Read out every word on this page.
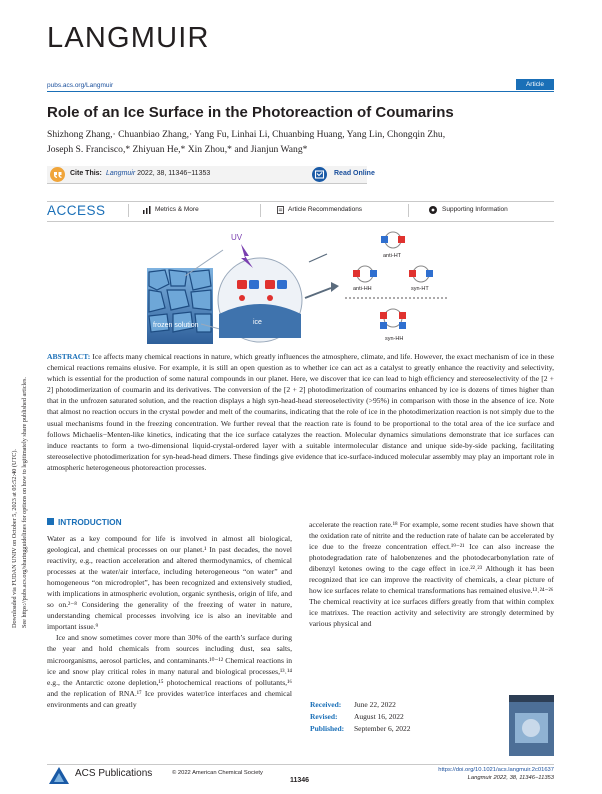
Downloaded via FUDAN UNIV on October 5, 2023 at 05:52:40 (UTC). See https://pubs.acs.org/sharingguidelines for options on how to legitimately share published articles.
LANGMUIR
pubs.acs.org/Langmuir	Article
Role of an Ice Surface in the Photoreaction of Coumarins
Shizhong Zhang,· Chuanbiao Zhang,· Yang Fu, Linhai Li, Chuanbing Huang, Yang Lin, Chongqin Zhu,
Joseph S. Francisco,* Zhiyuan He,* Xin Zhou,* and Jianjun Wang*
Cite This: Langmuir 2022, 38, 11346−11353	Read Online
ACCESS	Metrics & More	Article Recommendations	Supporting Information
frozen solution	ice
UV
anti-HT
anti-HH	syn-HT
syn-HH
ABSTRACT: Ice affects many chemical reactions in nature, which greatly influences the atmosphere, climate, and life. However, the exact mechanism of ice in these chemical reactions remains elusive. For example, it is still an open question as to whether ice can act as a catalyst to greatly enhance the reactivity and selectivity, which is essential for the production of some natural compounds in our planet. Here, we discover that ice can lead to high efficiency and stereoselectivity of the [2 + 2] photodimerization of coumarin and its derivatives. The conversion of the [2 + 2] photodimerization of coumarins enhanced by ice is dozens of times higher than that in the unfrozen saturated solution, and the reaction displays a high syn-head-head stereoselectivity (>95%) in comparison with those in the absence of ice. Note that almost no reaction occurs in the crystal powder and melt of the coumarins, indicating that the role of ice in the photodimerization reaction is not simply due to the usual mechanisms found in the freezing concentration. We further reveal that the reaction rate is found to be proportional to the total area of the ice surface and follows Michaelis−Menten-like kinetics, indicating that the ice surface catalyzes the reaction. Molecular dynamics simulations demonstrate that ice surfaces can induce reactants to form a two-dimensional liquid-crystal-ordered layer with a suitable intermolecular distance and unique side-by-side packing, facilitating stereoselective photodimerization for syn-head-head dimers. These findings give evidence that ice-surface-induced molecular assembly may play an important role in atmospheric heterogeneous photoreaction processes.
INTRODUCTION
Water as a key compound for life is involved in almost all biological, geological, and chemical processes on our planet.¹ In past decades, the novel reactivity, e.g., reaction acceleration and altered thermodynamics, of chemical processes at the water/air interface, including heterogeneous “on water” and homogeneous “on microdroplet”, has been recognized and extensively studied, with implications in atmospheric evolution, organic synthesis, origin of life, and so on.²⁻⁸ Considering the generality of the freezing of water in nature, understanding chemical processes involving ice is also an inevitable and important issue.⁹
Ice and snow sometimes cover more than 30% of the earth’s surface during the year and hold chemicals from sources including dust, sea salts, microorganisms, aerosol particles, and contaminants.¹⁰⁻¹² Chemical reactions in ice and snow play critical roles in many natural and biological processes,¹³˒¹⁴ e.g., the Antarctic ozone depletion,¹⁵ photochemical reactions of pollutants,¹⁶ and the replication of RNA.¹⁷ Ice provides water/ice interfaces and chemical environments and can greatly
accelerate the reaction rate.¹⁸ For example, some recent studies have shown that the oxidation rate of nitrite and the reduction rate of halate can be accelerated by ice due to the freeze concentration effect.¹⁹⁻²¹ Ice can also increase the photodegradation rate of halobenzenes and the photodecarbonylation rate of dibenzyl ketones owing to the cage effect in ice.²²˒²³ Although it has been recognized that ice can improve the reactivity of chemicals, a clear picture of how ice surfaces relate to chemical transformations has remained elusive.¹³˒²⁴⁻²⁶
The chemical reactivity at ice surfaces differs greatly from that within complex ice matrixes. The reaction activity and selectivity are strongly determined by various physical and
Received: June 22, 2022
Revised: August 16, 2022
Published: September 6, 2022
ACS Publications	© 2022 American Chemical Society
11346
https://doi.org/10.1021/acs.langmuir.2c01637
Langmuir 2022, 38, 11346−11353
